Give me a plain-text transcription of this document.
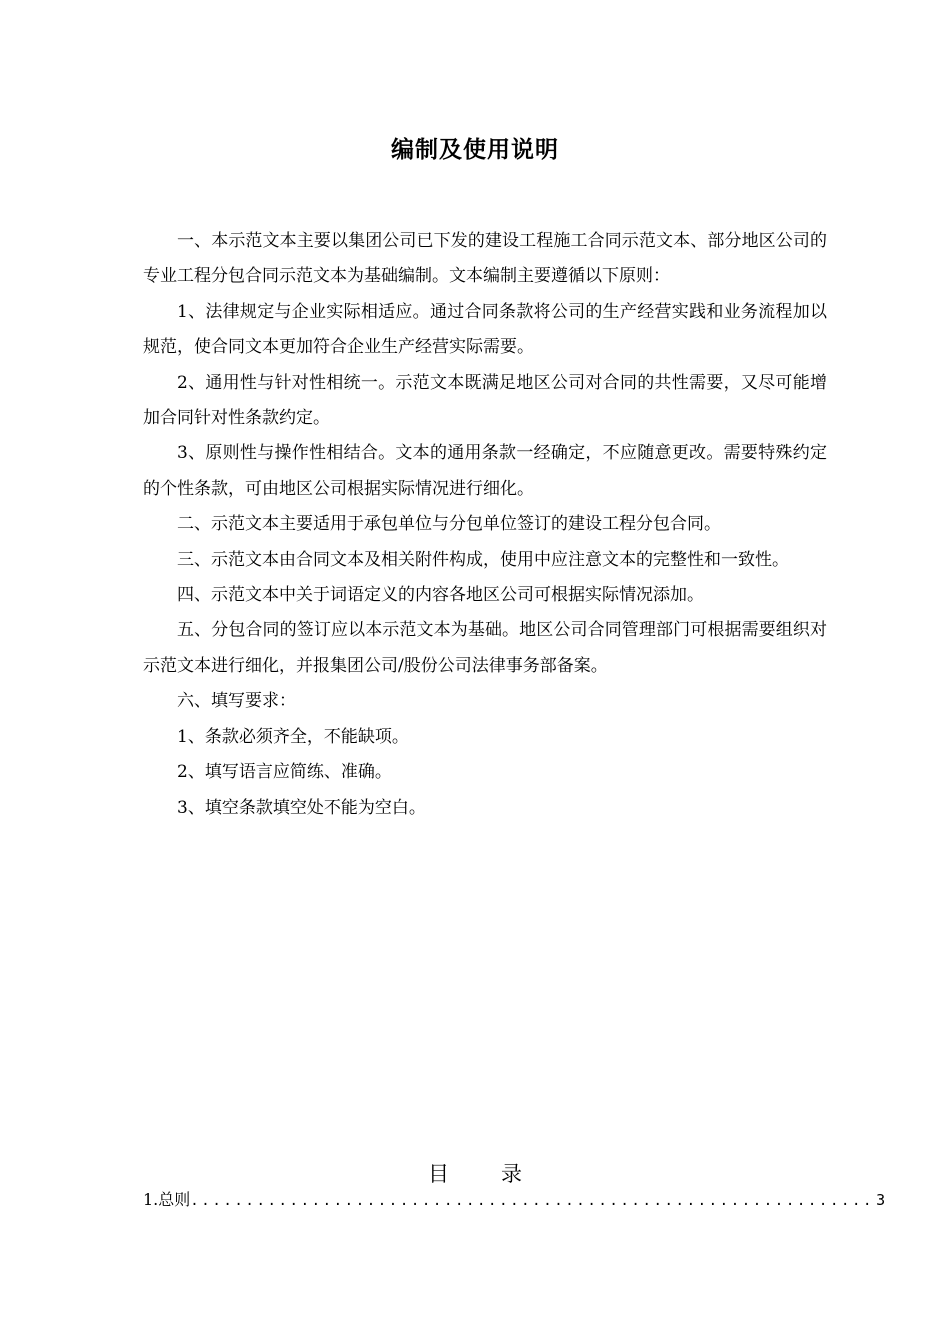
编制及使用说明

一、本示范文本主要以集团公司已下发的建设工程施工合同示范文本、部分地区公司的专业工程分包合同示范文本为基础编制。文本编制主要遵循以下原则：

1、法律规定与企业实际相适应。通过合同条款将公司的生产经营实践和业务流程加以规范，使合同文本更加符合企业生产经营实际需要。

2、通用性与针对性相统一。示范文本既满足地区公司对合同的共性需要，又尽可能增加合同针对性条款约定。

3、原则性与操作性相结合。文本的通用条款一经确定，不应随意更改。需要特殊约定的个性条款，可由地区公司根据实际情况进行细化。

二、示范文本主要适用于承包单位与分包单位签订的建设工程分包合同。

三、示范文本由合同文本及相关附件构成，使用中应注意文本的完整性和一致性。

四、示范文本中关于词语定义的内容各地区公司可根据实际情况添加。

五、分包合同的签订应以本示范文本为基础。地区公司合同管理部门可根据需要组织对示范文本进行细化，并报集团公司/股份公司法律事务部备案。

六、填写要求：

1、条款必须齐全，不能缺项。

2、填写语言应简练、准确。

3、填空条款填空处不能为空白。

目 录
1.总则 .............................................................. 3
